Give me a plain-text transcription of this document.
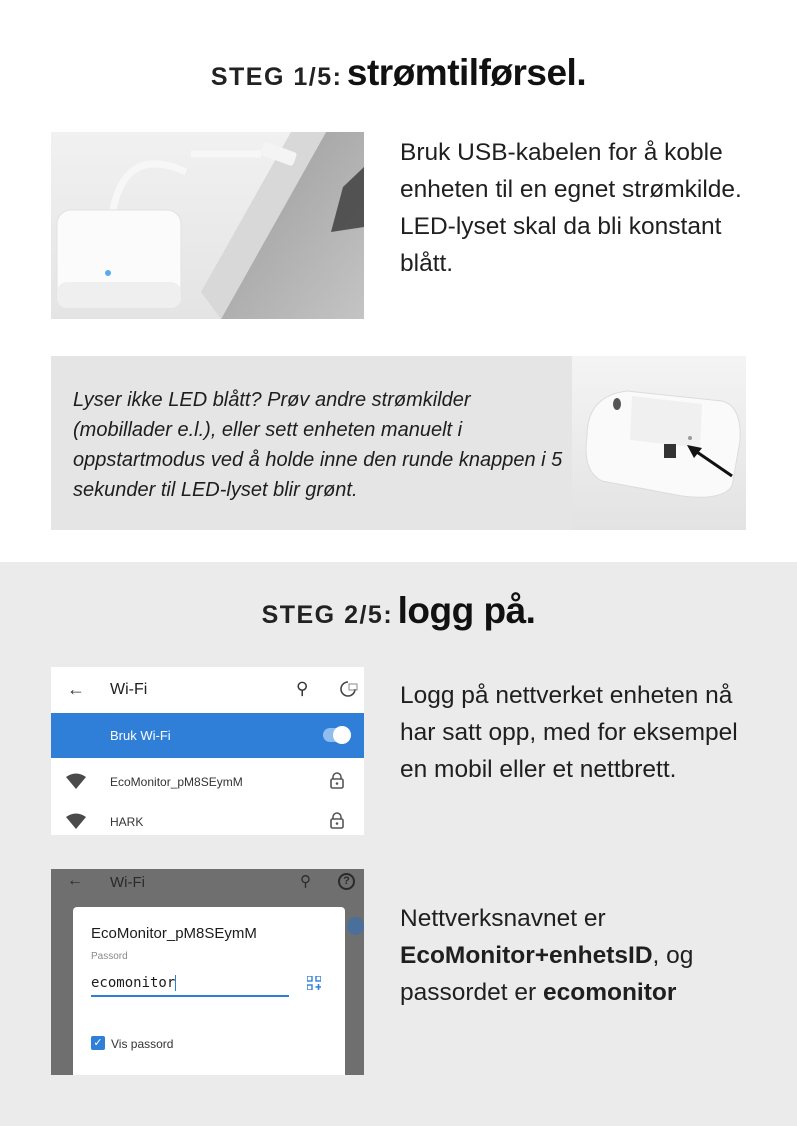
STEG 1/5: strømtilførsel.
Bruk USB-kabelen for å koble enheten til en egnet strømkilde. LED-lyset skal da bli konstant blått.
Lyser ikke LED blått? Prøv andre strømkilder (mobillader e.l.), eller sett enheten manuelt i oppstartmodus ved å holde inne den runde knappen i 5 sekunder til LED-lyset blir grønt.
STEG 2/5: logg på.
← Wi-Fi	⚲
Bruk Wi-Fi
EcoMonitor_pM8SEymM
HARK
Logg på nettverket enheten nå har satt opp, med for eksempel en mobil eller et nettbrett.
← Wi-Fi	⚲	?
EcoMonitor_pM8SEymM
Passord
ecomonitor
✓ Vis passord
Nettverksnavnet er EcoMonitor+enhetsID, og passordet er ecomonitor
